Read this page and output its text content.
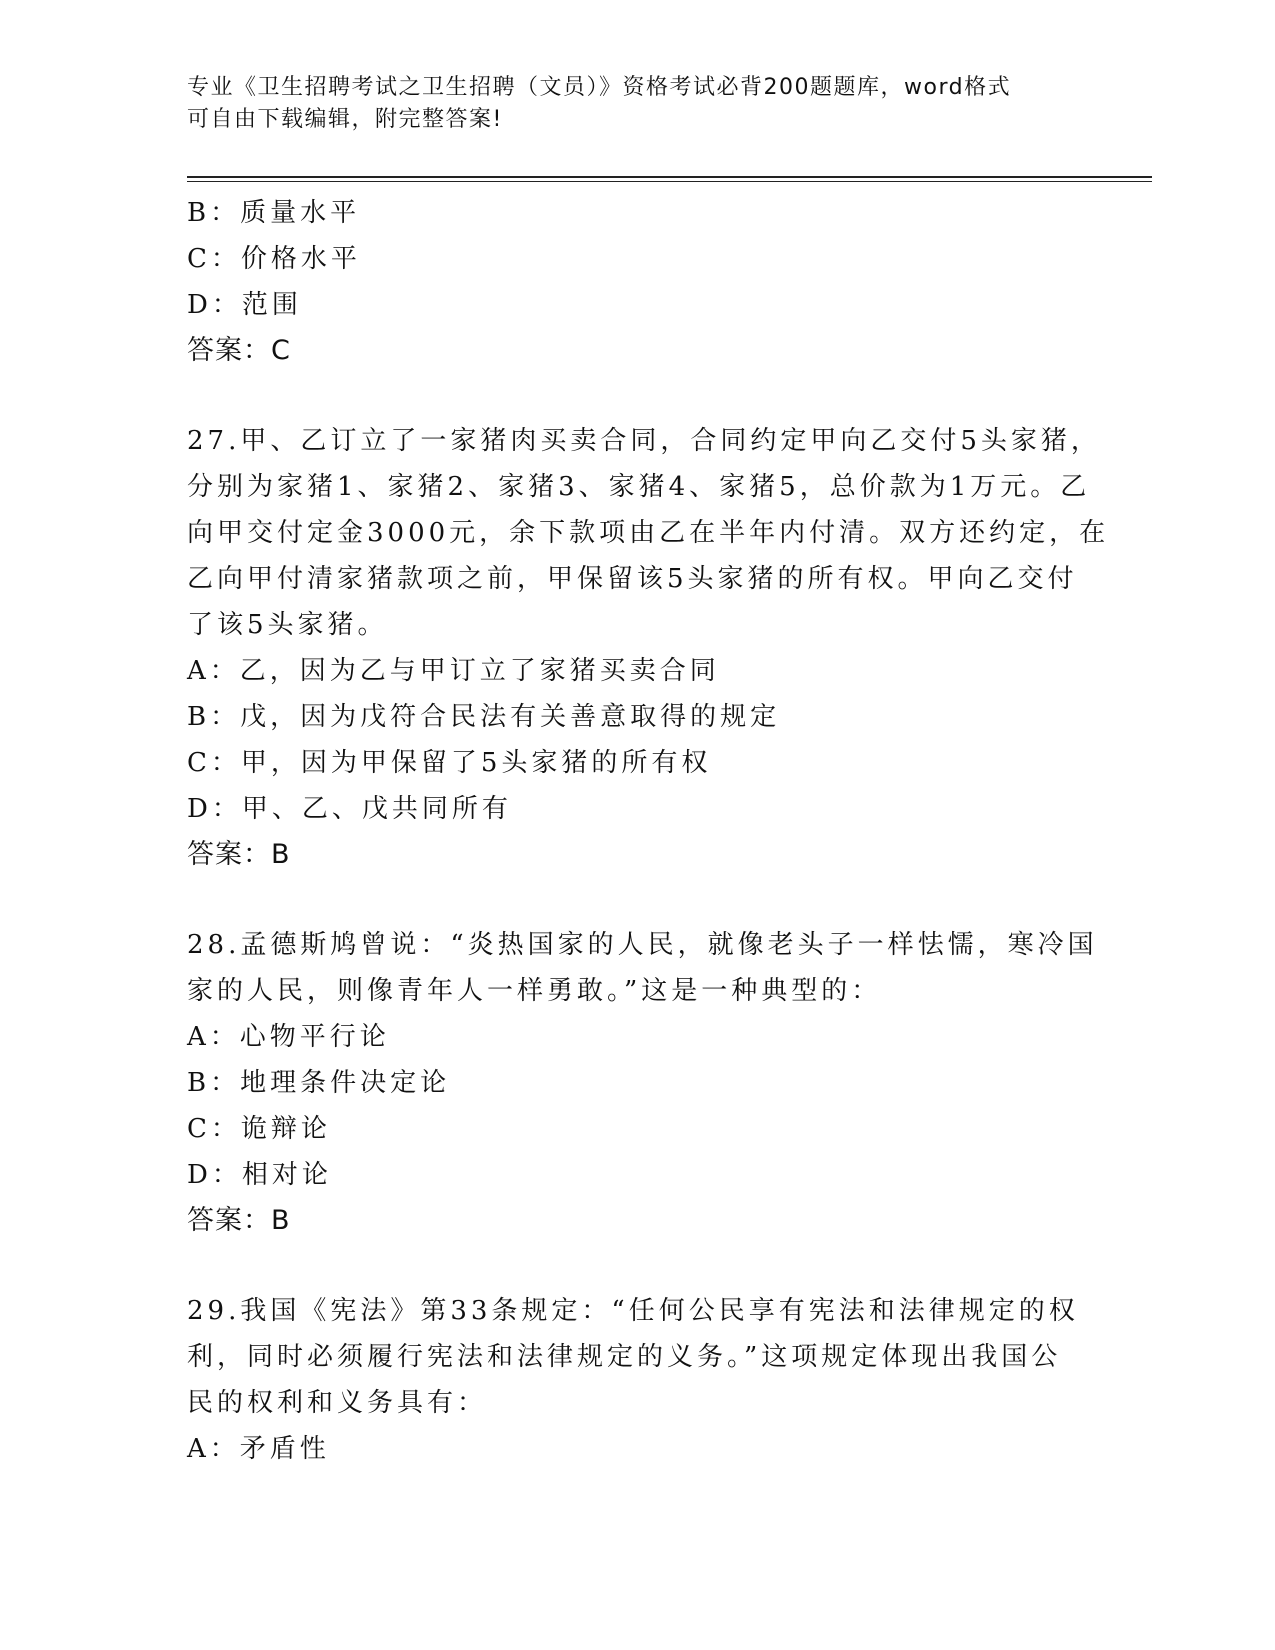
专业《卫生招聘考试之卫生招聘（文员）》资格考试必背200题题库，word格式
可自由下载编辑，附完整答案!
B：质量水平
C：价格水平
D：范围
答案：C
27.甲、乙订立了一家猪肉买卖合同，合同约定甲向乙交付5头家猪，
分别为家猪1、家猪2、家猪3、家猪4、家猪5，总价款为1万元。乙
向甲交付定金3000元，余下款项由乙在半年内付清。双方还约定，在
乙向甲付清家猪款项之前，甲保留该5头家猪的所有权。甲向乙交付
了该5头家猪。
A：乙，因为乙与甲订立了家猪买卖合同
B：戊，因为戊符合民法有关善意取得的规定
C：甲，因为甲保留了5头家猪的所有权
D：甲、乙、戊共同所有
答案：B
28.孟德斯鸠曾说：“炎热国家的人民，就像老头子一样怯懦，寒冷国
家的人民，则像青年人一样勇敢。”这是一种典型的：
A：心物平行论
B：地理条件决定论
C：诡辩论
D：相对论
答案：B
29.我国《宪法》第33条规定：“任何公民享有宪法和法律规定的权
利，同时必须履行宪法和法律规定的义务。”这项规定体现出我国公
民的权利和义务具有：
A：矛盾性
